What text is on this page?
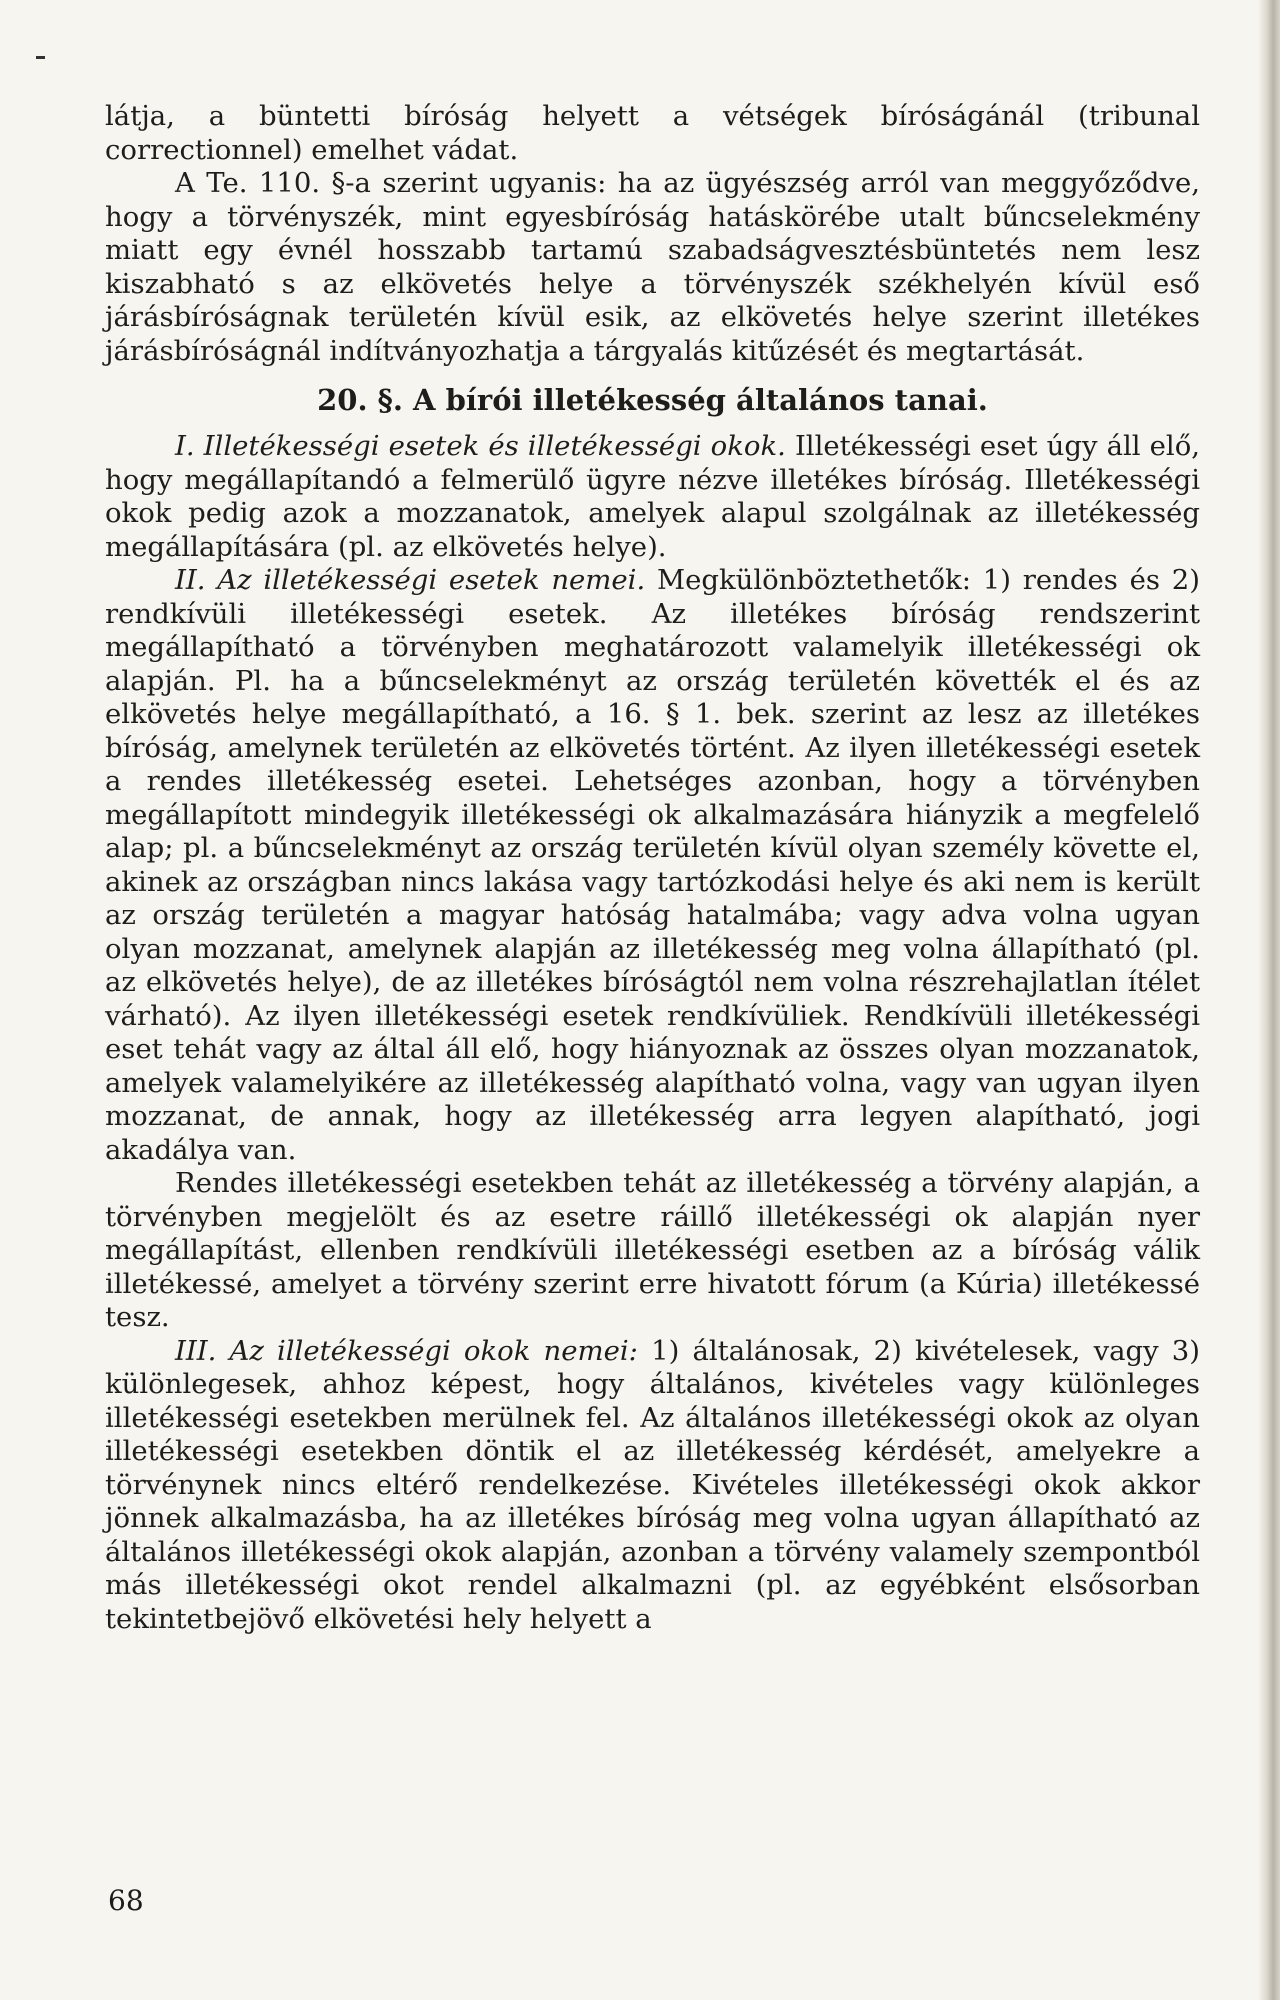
látja, a büntetti bíróság helyett a vétségek bíróságánál (tribunal correctionnel) emelhet vádat.

A Te. 110. §-a szerint ugyanis: ha az ügyészség arról van meggyőződve, hogy a törvényszék, mint egyesbíróság hatáskörébe utalt bűncselekmény miatt egy évnél hosszabb tartamú szabadságvesztésbüntetés nem lesz kiszabható s az elkövetés helye a törvényszék székhelyén kívül eső járásbíróságnak területén kívül esik, az elkövetés helye szerint illetékes járásbíróságnál indítványozhatja a tárgyalás kitűzését és megtartását.

20. §. A bírói illetékesség általános tanai.

I. Illetékességi esetek és illetékességi okok. Illetékességi eset úgy áll elő, hogy megállapítandó a felmerülő ügyre nézve illetékes bíróság. Illetékességi okok pedig azok a mozzanatok, amelyek alapul szolgálnak az illetékesség megállapítására (pl. az elkövetés helye).

II. Az illetékességi esetek nemei. Megkülönböztethetők: 1) rendes és 2) rendkívüli illetékességi esetek. Az illetékes bíróság rendszerint megállapítható a törvényben meghatározott valamelyik illetékességi ok alapján. Pl. ha a bűncselekményt az ország területén követték el és az elkövetés helye megállapítható, a 16. § 1. bek. szerint az lesz az illetékes bíróság, amelynek területén az elkövetés történt. Az ilyen illetékességi esetek a rendes illetékesség esetei. Lehetséges azonban, hogy a törvényben megállapított mindegyik illetékességi ok alkalmazására hiányzik a megfelelő alap; pl. a bűncselekményt az ország területén kívül olyan személy követte el, akinek az országban nincs lakása vagy tartózkodási helye és aki nem is került az ország területén a magyar hatóság hatalmába; vagy adva volna ugyan olyan mozzanat, amelynek alapján az illetékesség meg volna állapítható (pl. az elkövetés helye), de az illetékes bíróságtól nem volna részrehajlatlan ítélet várható). Az ilyen illetékességi esetek rendkívüliek. Rendkívüli illetékességi eset tehát vagy az által áll elő, hogy hiányoznak az összes olyan mozzanatok, amelyek valamelyikére az illetékesség alapítható volna, vagy van ugyan ilyen mozzanat, de annak, hogy az illetékesség arra legyen alapítható, jogi akadálya van.

Rendes illetékességi esetekben tehát az illetékesség a törvény alapján, a törvényben megjelölt és az esetre ráillő illetékességi ok alapján nyer megállapítást, ellenben rendkívüli illetékességi esetben az a bíróság válik illetékessé, amelyet a törvény szerint erre hivatott fórum (a Kúria) illetékessé tesz.

III. Az illetékességi okok nemei: 1) általánosak, 2) kivételesek, vagy 3) különlegesek, ahhoz képest, hogy általános, kivételes vagy különleges illetékességi esetekben merülnek fel. Az általános illetékességi okok az olyan illetékességi esetekben döntik el az illetékesség kérdését, amelyekre a törvénynek nincs eltérő rendelkezése. Kivételes illetékességi okok akkor jönnek alkalmazásba, ha az illetékes bíróság meg volna ugyan állapítható az általános illetékességi okok alapján, azonban a törvény valamely szempontból más illetékességi okot rendel alkalmazni (pl. az egyébként elsősorban tekintetbejövő elkövetési hely helyett a

68
